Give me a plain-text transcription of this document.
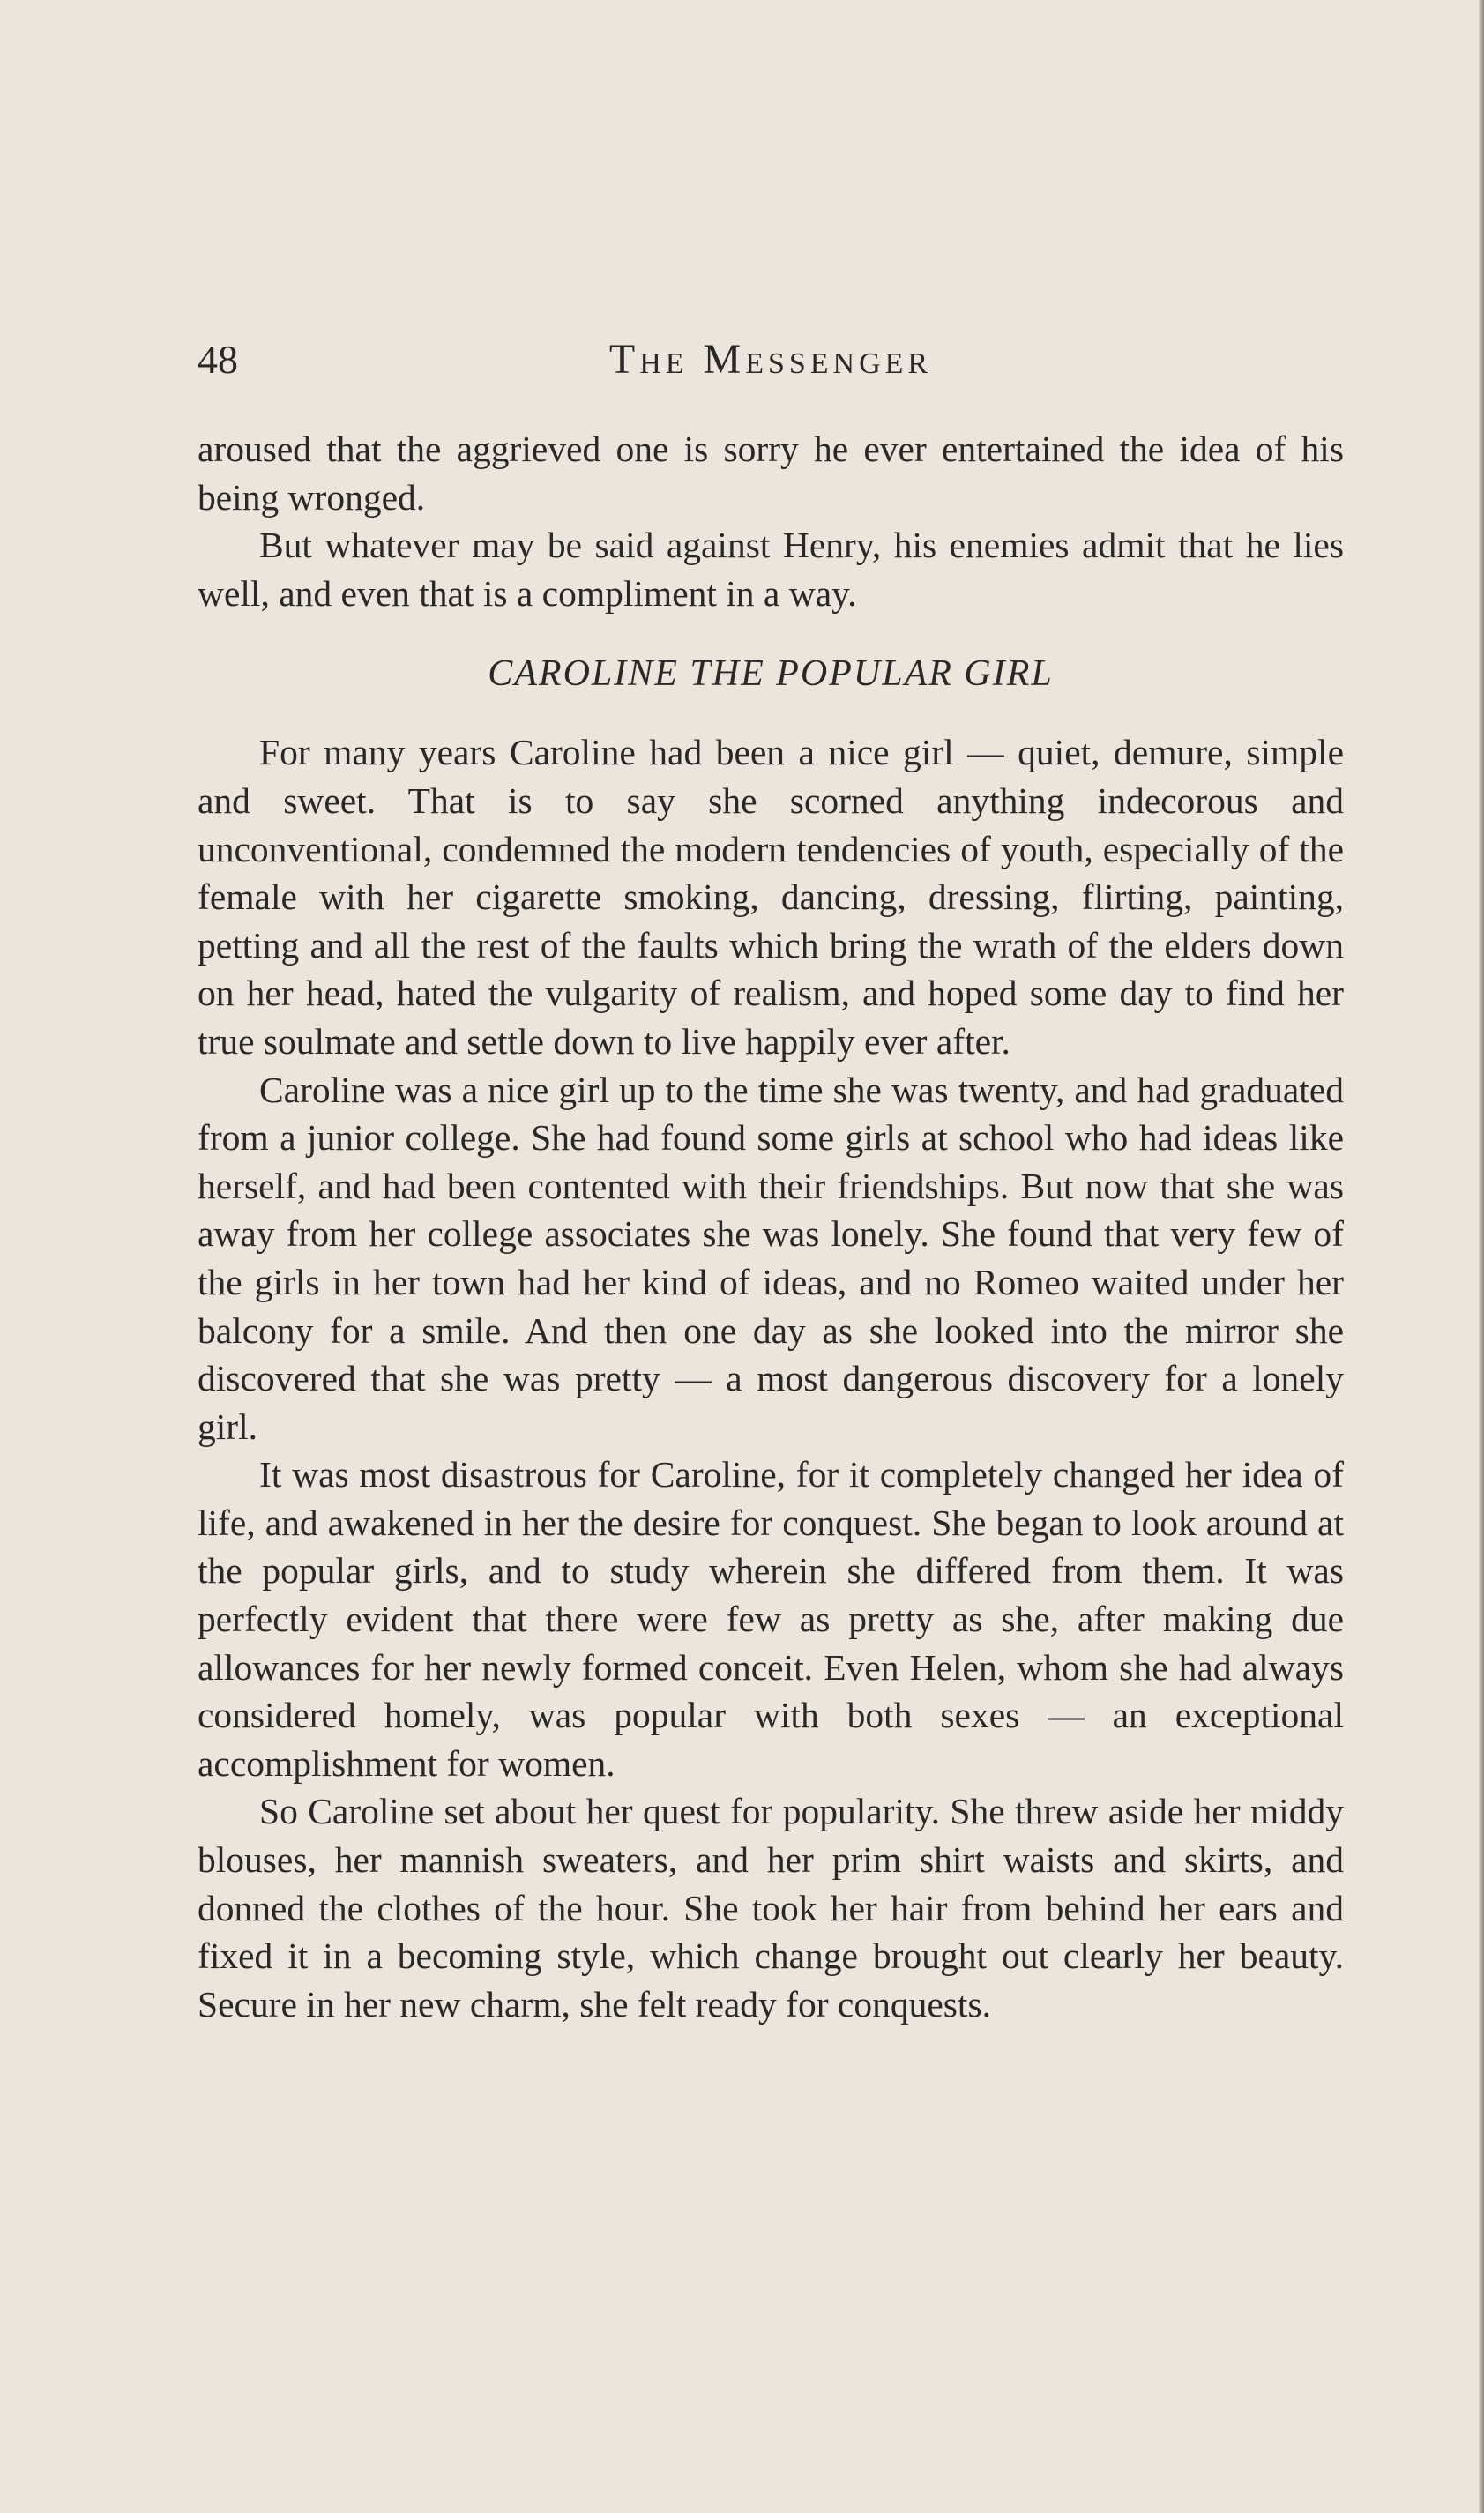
The Messenger
48

aroused that the aggrieved one is sorry he ever entertained the idea of his being wronged.

But whatever may be said against Henry, his enemies admit that he lies well, and even that is a compliment in a way.

CAROLINE THE POPULAR GIRL

For many years Caroline had been a nice girl — quiet, demure, simple and sweet. That is to say she scorned anything indecorous and unconventional, condemned the modern tendencies of youth, especially of the female with her cigarette smoking, dancing, dressing, flirting, painting, petting and all the rest of the faults which bring the wrath of the elders down on her head, hated the vulgarity of realism, and hoped some day to find her true soulmate and settle down to live happily ever after.

Caroline was a nice girl up to the time she was twenty, and had graduated from a junior college. She had found some girls at school who had ideas like herself, and had been contented with their friendships. But now that she was away from her college associates she was lonely. She found that very few of the girls in her town had her kind of ideas, and no Romeo waited under her balcony for a smile. And then one day as she looked into the mirror she discovered that she was pretty — a most dangerous discovery for a lonely girl.

It was most disastrous for Caroline, for it completely changed her idea of life, and awakened in her the desire for conquest. She began to look around at the popular girls, and to study wherein she differed from them. It was perfectly evident that there were few as pretty as she, after making due allowances for her newly formed conceit. Even Helen, whom she had always considered homely, was popular with both sexes — an exceptional accomplishment for women.

So Caroline set about her quest for popularity. She threw aside her middy blouses, her mannish sweaters, and her prim shirt waists and skirts, and donned the clothes of the hour. She took her hair from behind her ears and fixed it in a becoming style, which change brought out clearly her beauty. Secure in her new charm, she felt ready for conquests.
